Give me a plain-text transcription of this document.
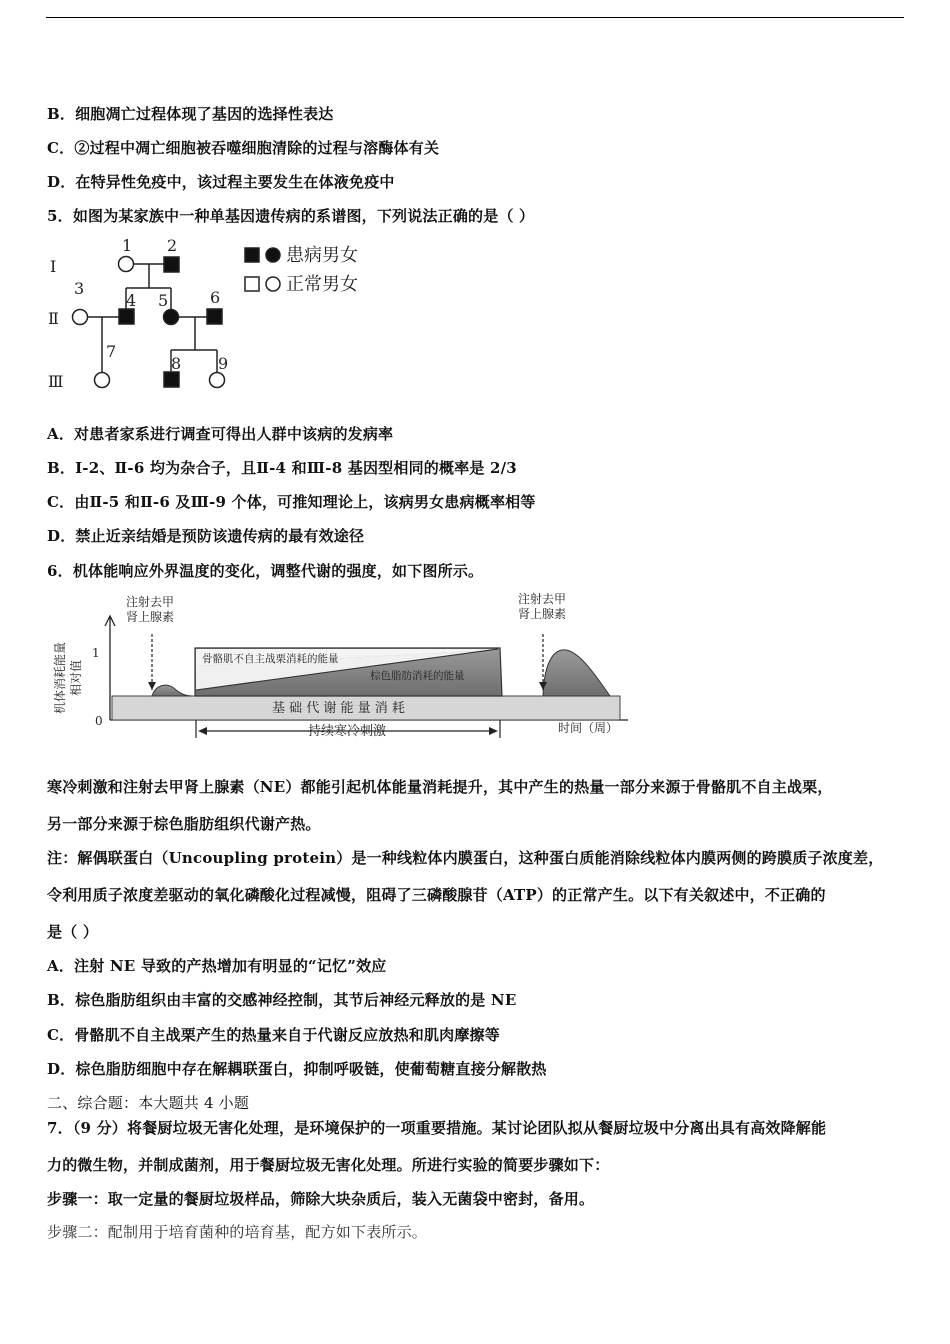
B．细胞凋亡过程体现了基因的选择性表达
C．②过程中凋亡细胞被吞噬细胞清除的过程与溶酶体有关
D．在特异性免疫中，该过程主要发生在体液免疫中
5．如图为某家族中一种单基因遗传病的系谱图，下列说法正确的是（ ）
Ⅰ
Ⅱ
Ⅲ
1 2
3
4 5	6
7
8 9
患病男女
正常男女
A．对患者家系进行调查可得出人群中该病的发病率
B．I-2、Ⅱ-6 均为杂合子，且Ⅱ-4 和Ⅲ-8 基因型相同的概率是 2/3
C．由Ⅱ-5 和Ⅱ-6 及Ⅲ-9 个体，可推知理论上，该病男女患病概率相等
D．禁止近亲结婚是预防该遗传病的最有效途径
6．机体能响应外界温度的变化，调整代谢的强度，如下图所示。
注射去甲
肾上腺素
注射去甲
肾上腺素
1
0
骨骼肌不自主战栗消耗的能量
棕色脂肪消耗的能量
基 础 代 谢 能 量 消 耗
持续寒冷刺激	时间（周）
机体消耗能量 相对值
寒冷刺激和注射去甲肾上腺素（NE）都能引起机体能量消耗提升，其中产生的热量一部分来源于骨骼肌不自主战栗，
另一部分来源于棕色脂肪组织代谢产热。
注：解偶联蛋白（Uncoupling protein）是一种线粒体内膜蛋白，这种蛋白质能消除线粒体内膜两侧的跨膜质子浓度差，
令利用质子浓度差驱动的氧化磷酸化过程减慢，阻碍了三磷酸腺苷（ATP）的正常产生。以下有关叙述中，不正确的
是（ ）
A．注射 NE 导致的产热增加有明显的“记忆”效应
B．棕色脂肪组织由丰富的交感神经控制，其节后神经元释放的是 NE
C．骨骼肌不自主战栗产生的热量来自于代谢反应放热和肌肉摩擦等
D．棕色脂肪细胞中存在解耦联蛋白，抑制呼吸链，使葡萄糖直接分解散热
二、综合题：本大题共 4 小题
7．（9 分）将餐厨垃圾无害化处理，是环境保护的一项重要措施。某讨论团队拟从餐厨垃圾中分离出具有高效降解能
力的微生物，并制成菌剂，用于餐厨垃圾无害化处理。所进行实验的简要步骤如下：
步骤一：取一定量的餐厨垃圾样品，筛除大块杂质后，装入无菌袋中密封，备用。
步骤二：配制用于培育菌种的培育基，配方如下表所示。
